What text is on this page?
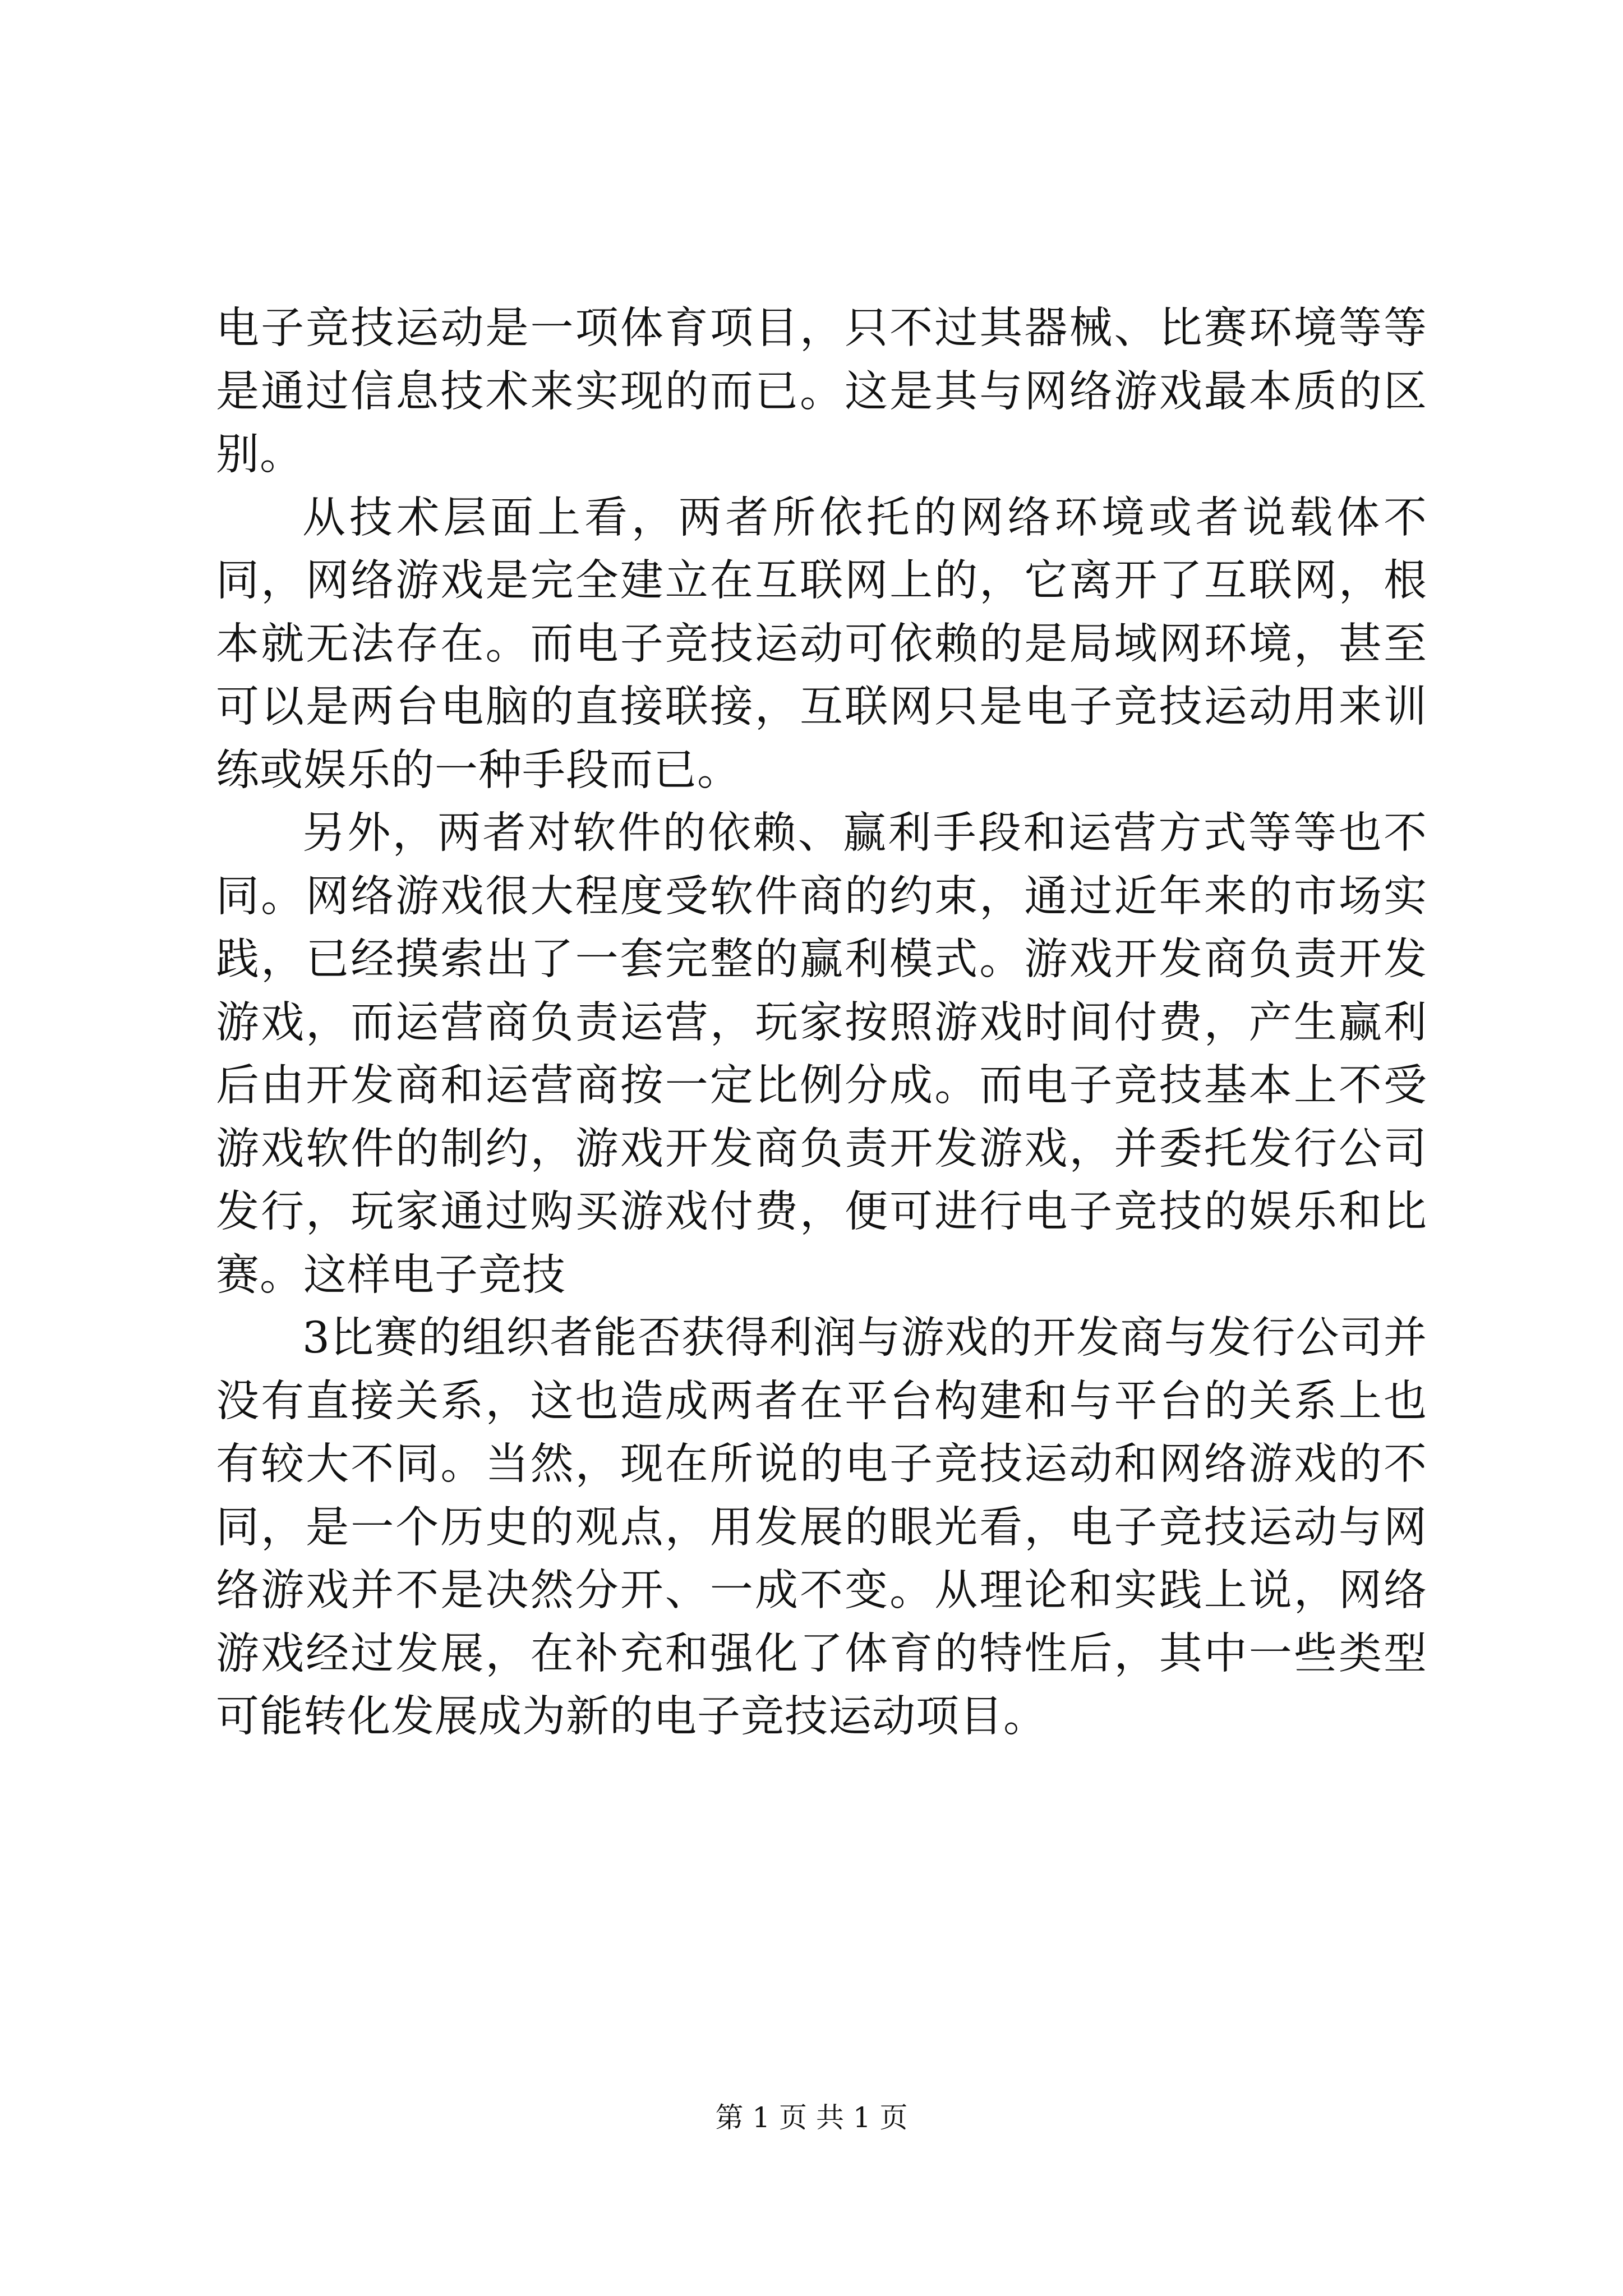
电子竞技运动是一项体育项目，只不过其器械、比赛环境等等是通过信息技术来实现的而已。这是其与网络游戏最本质的区别。

从技术层面上看，两者所依托的网络环境或者说载体不同，网络游戏是完全建立在互联网上的，它离开了互联网，根本就无法存在。而电子竞技运动可依赖的是局域网环境，甚至可以是两台电脑的直接联接，互联网只是电子竞技运动用来训练或娱乐的一种手段而已。

另外，两者对软件的依赖、赢利手段和运营方式等等也不同。网络游戏很大程度受软件商的约束，通过近年来的市场实践，已经摸索出了一套完整的赢利模式。游戏开发商负责开发游戏，而运营商负责运营，玩家按照游戏时间付费，产生赢利后由开发商和运营商按一定比例分成。而电子竞技基本上不受游戏软件的制约，游戏开发商负责开发游戏，并委托发行公司发行，玩家通过购买游戏付费，便可进行电子竞技的娱乐和比赛。这样电子竞技

3比赛的组织者能否获得利润与游戏的开发商与发行公司并没有直接关系，这也造成两者在平台构建和与平台的关系上也有较大不同。当然，现在所说的电子竞技运动和网络游戏的不同，是一个历史的观点，用发展的眼光看，电子竞技运动与网络游戏并不是决然分开、一成不变。从理论和实践上说，网络游戏经过发展，在补充和强化了体育的特性后，其中一些类型可能转化发展成为新的电子竞技运动项目。

第 1 页 共 1 页
